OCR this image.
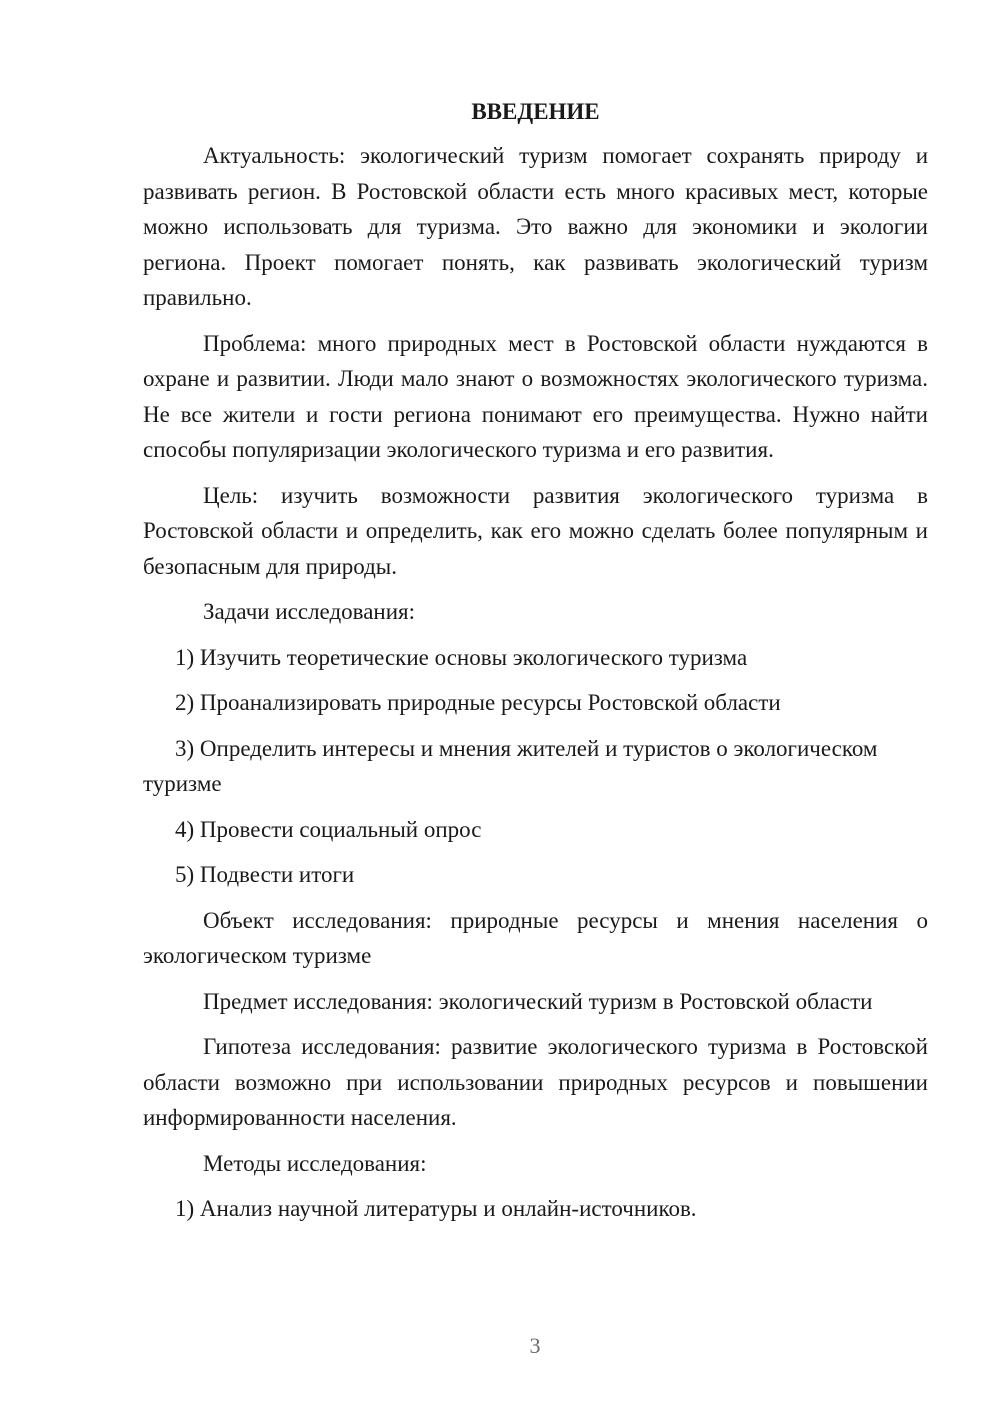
ВВЕДЕНИЕ

Актуальность: экологический туризм помогает сохранять природу и развивать регион. В Ростовской области есть много красивых мест, которые можно использовать для туризма. Это важно для экономики и экологии региона. Проект помогает понять, как развивать экологический туризм правильно.

Проблема: много природных мест в Ростовской области нуждаются в охране и развитии. Люди мало знают о возможностях экологического туризма. Не все жители и гости региона понимают его преимущества. Нужно найти способы популяризации экологического туризма и его развития.

Цель: изучить возможности развития экологического туризма в Ростовской области и определить, как его можно сделать более популярным и безопасным для природы.

Задачи исследования:

1) Изучить теоретические основы экологического туризма

2) Проанализировать природные ресурсы Ростовской области

3) Определить интересы и мнения жителей и туристов о экологическом туризме

4) Провести социальный опрос

5) Подвести итоги

Объект исследования: природные ресурсы и мнения населения о экологическом туризме

Предмет исследования: экологический туризм в Ростовской области

Гипотеза исследования: развитие экологического туризма в Ростовской области возможно при использовании природных ресурсов и повышении информированности населения.

Методы исследования:

1) Анализ научной литературы и онлайн-источников.

3
